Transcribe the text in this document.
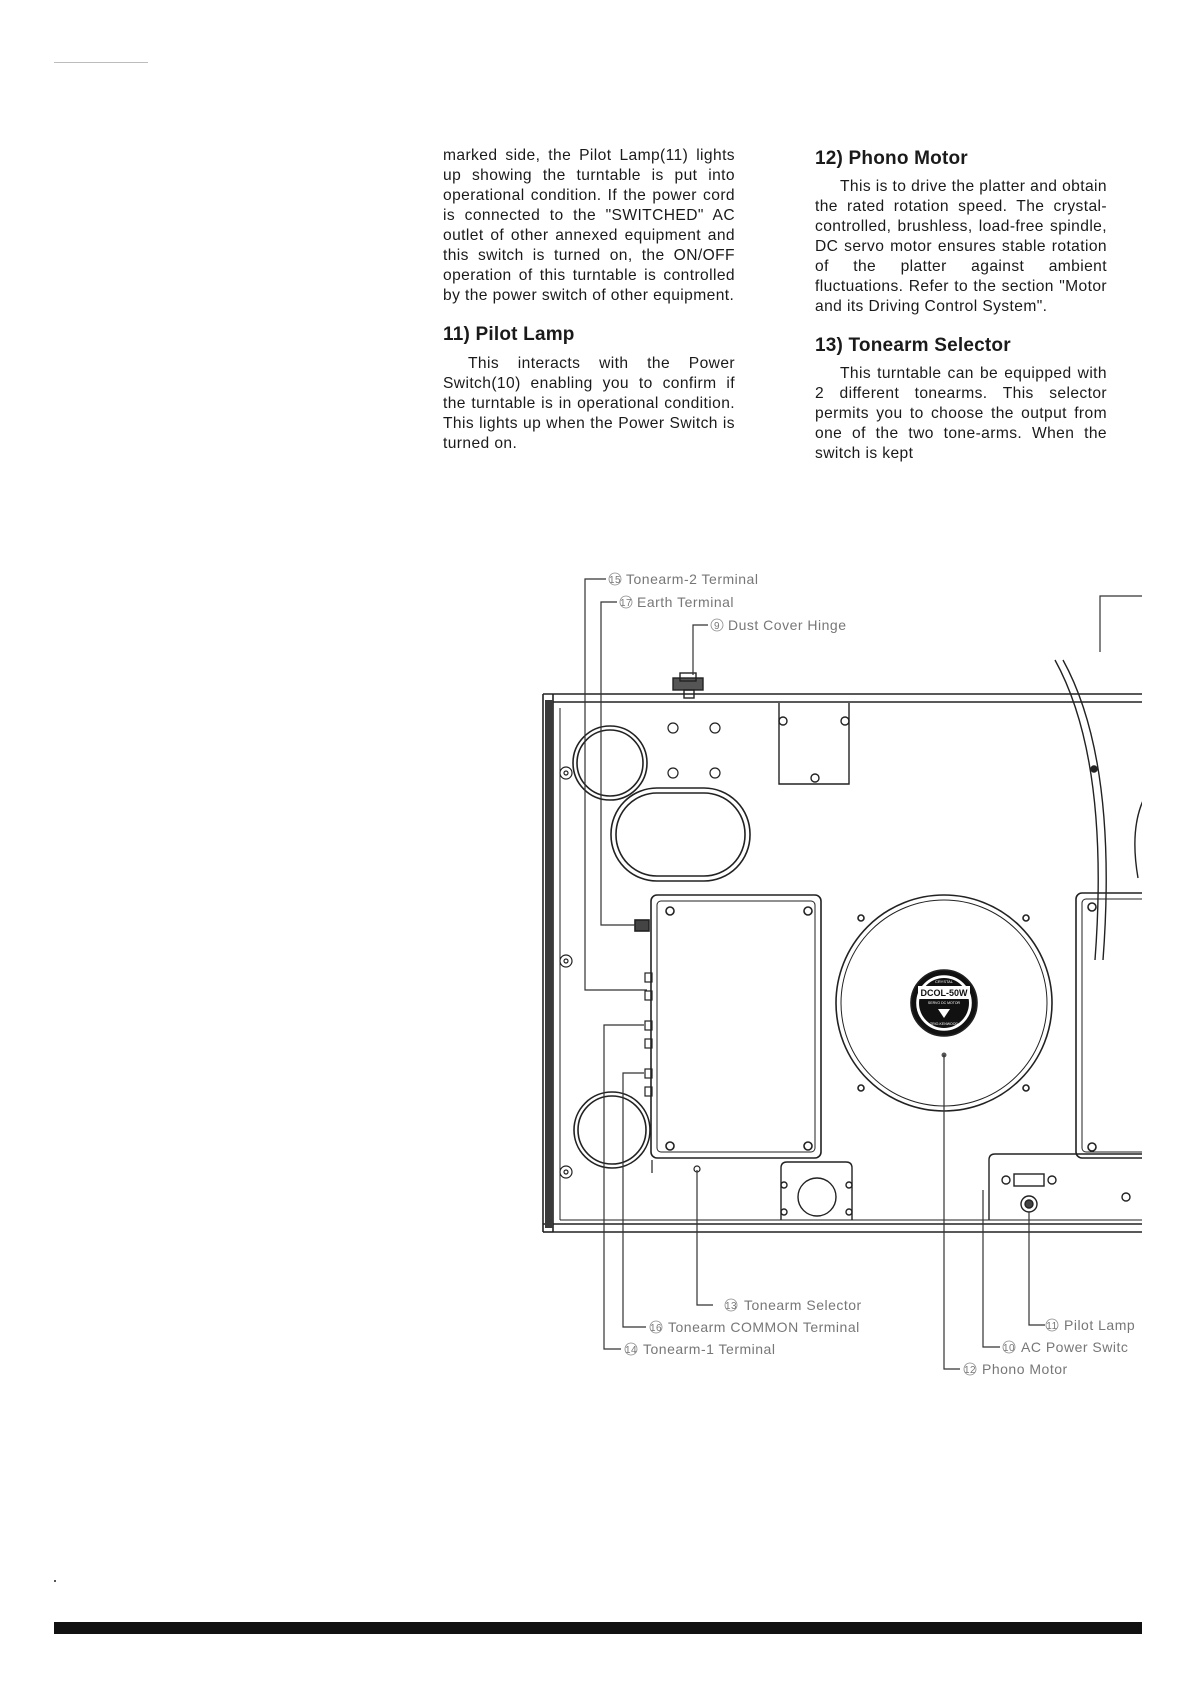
marked side, the Pilot Lamp(11) lights up showing the turntable is put into operational condition. If the power cord is connected to the "SWITCHED" AC outlet of other annexed equipment and this switch is turned on, the ON/OFF operation of this turntable is controlled by the power switch of other equipment.

11) Pilot Lamp

This interacts with the Power Switch(10) enabling you to confirm if the turntable is in operational condition. This lights up when the Power Switch is turned on.

12) Phono Motor

This is to drive the platter and obtain the rated rotation speed. The crystal-controlled, brushless, load-free spindle, DC servo motor ensures stable rotation of the platter against ambient fluctuations. Refer to the section "Motor and its Driving Control System".

13) Tonearm Selector

This turntable can be equipped with 2 different tonearms. This selector permits you to choose the output from one of the two tone-arms. When the switch is kept

CRYSTAL
DCOL-50W
SERVO DC MOTOR
TRIO-KENWOOD
15
17
9
13
16
14
11
10
12
Tonearm-2 Terminal
Earth Terminal
Dust Cover Hinge
Tonearm Selector
Tonearm COMMON Terminal
Tonearm-1 Terminal
Pilot Lamp
AC Power Switc
Phono Motor
